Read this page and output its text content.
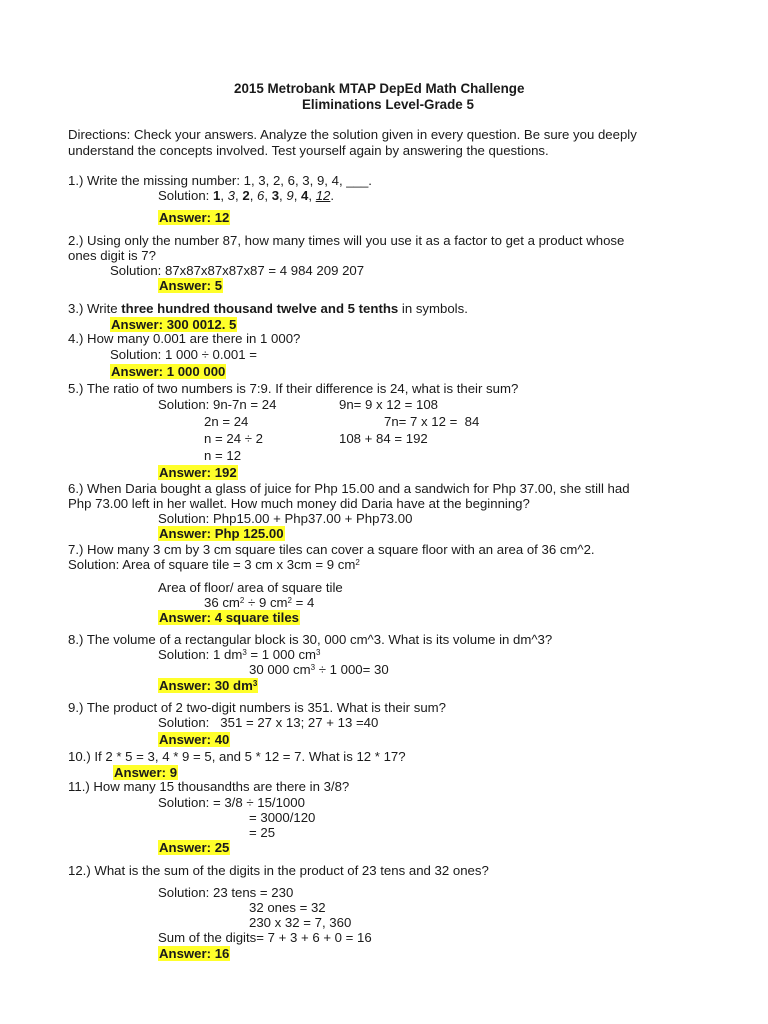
2015 Metrobank MTAP DepEd Math Challenge
Eliminations Level-Grade 5
Directions: Check your answers. Analyze the solution given in every question. Be sure you deeply
understand the concepts involved. Test yourself again by answering the questions.
1.) Write the missing number: 1, 3, 2, 6, 3, 9, 4, ___.
Solution: 1, 3, 2, 6, 3, 9, 4, 12.
Answer: 12
2.) Using only the number 87, how many times will you use it as a factor to get a product whose
ones digit is 7?
Solution: 87x87x87x87x87 = 4 984 209 207
Answer: 5
3.) Write three hundred thousand twelve and 5 tenths in symbols.
Answer: 300 0012. 5
4.) How many 0.001 are there in 1 000?
Solution: 1 000 ÷ 0.001 =
Answer: 1 000 000
5.) The ratio of two numbers is 7:9. If their difference is 24, what is their sum?
Solution: 9n-7n = 24	9n= 9 x 12 = 108
2n = 24	7n= 7 x 12 =  84
n = 24 ÷ 2	108 + 84 = 192
n = 12
Answer: 192
6.) When Daria bought a glass of juice for Php 15.00 and a sandwich for Php 37.00, she still had
Php 73.00 left in her wallet. How much money did Daria have at the beginning?
Solution: Php15.00 + Php37.00 + Php73.00
Answer: Php 125.00
7.) How many 3 cm by 3 cm square tiles can cover a square floor with an area of 36 cm^2.
Solution: Area of square tile = 3 cm x 3cm = 9 $cm^2$
Area of floor/ area of square tile
36 $cm^2 \div 9$ $cm^2 = 4$
Answer: 4 square tiles
8.) The volume of a rectangular block is 30, 000 cm^3. What is its volume in dm^3?
Solution: 1 $dm^3 = 1$ 000 $cm^3$
30 000 $cm^3 \div 1$ 000= 30
Answer: 30 $dm^3$
9.) The product of 2 two-digit numbers is 351. What is their sum?
Solution:   351 = 27 x 13; 27 + 13 =40
Answer: 40
10.) If 2 * 5 = 3, 4 * 9 = 5, and 5 * 12 = 7. What is 12 * 17?
Answer: 9
11.) How many 15 thousandths are there in 3/8?
Solution: = 3/8 ÷ 15/1000
= 3000/120
= 25
Answer: 25
12.) What is the sum of the digits in the product of 23 tens and 32 ones?
Solution: 23 tens = 230
32 ones = 32
230 x 32 = 7, 360
Sum of the digits= 7 + 3 + 6 + 0 = 16
Answer: 16
